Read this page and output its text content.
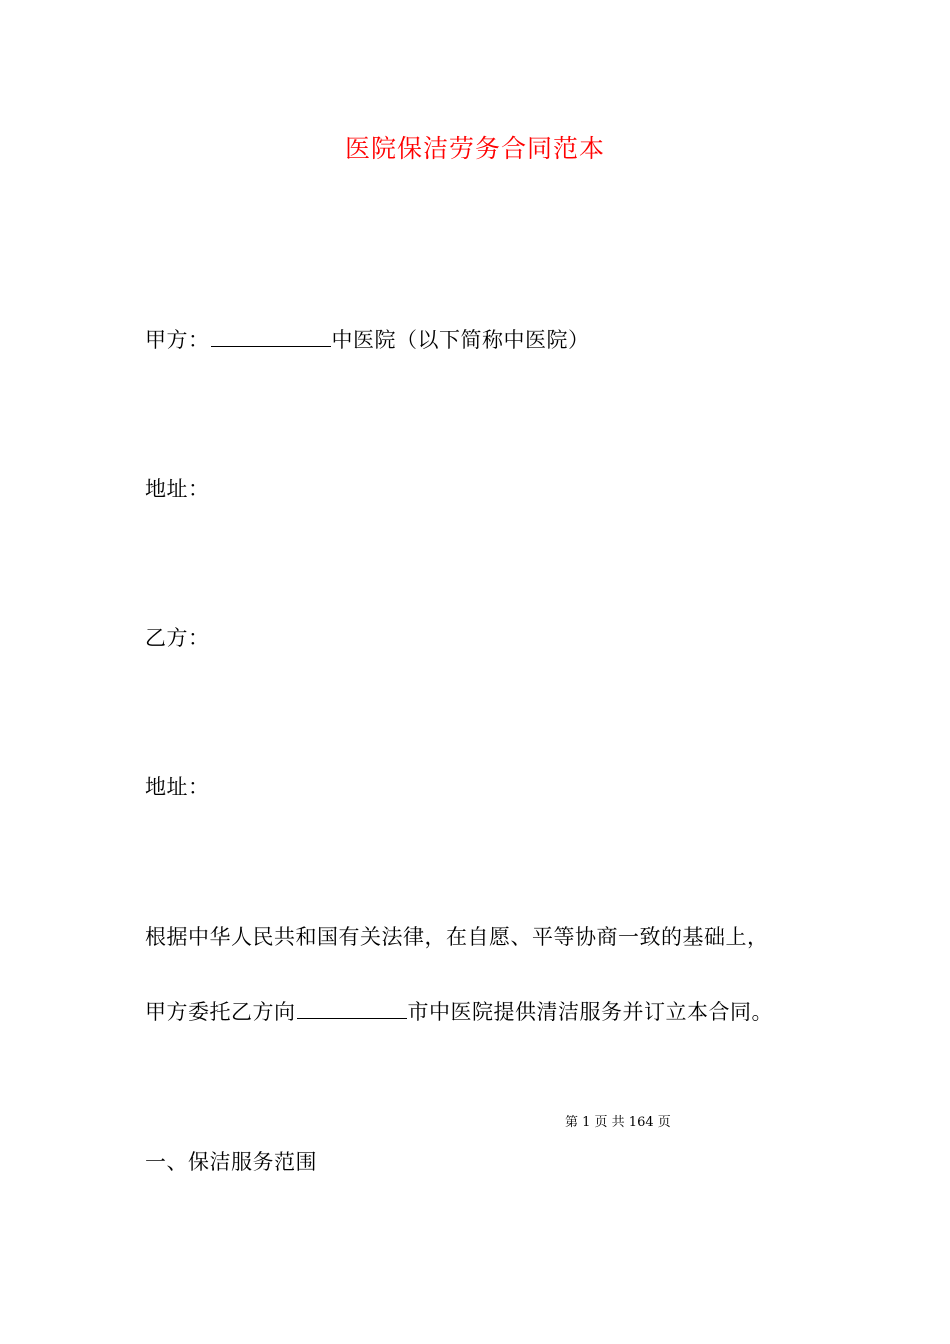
医院保洁劳务合同范本
甲方：	中医院（以下简称中医院）
地址：
乙方：
地址：
根据中华人民共和国有关法律，在自愿、平等协商一致的基础上，
甲方委托乙方向	市中医院提供清洁服务并订立本合同。
第 1 页 共 164 页
一、保洁服务范围
